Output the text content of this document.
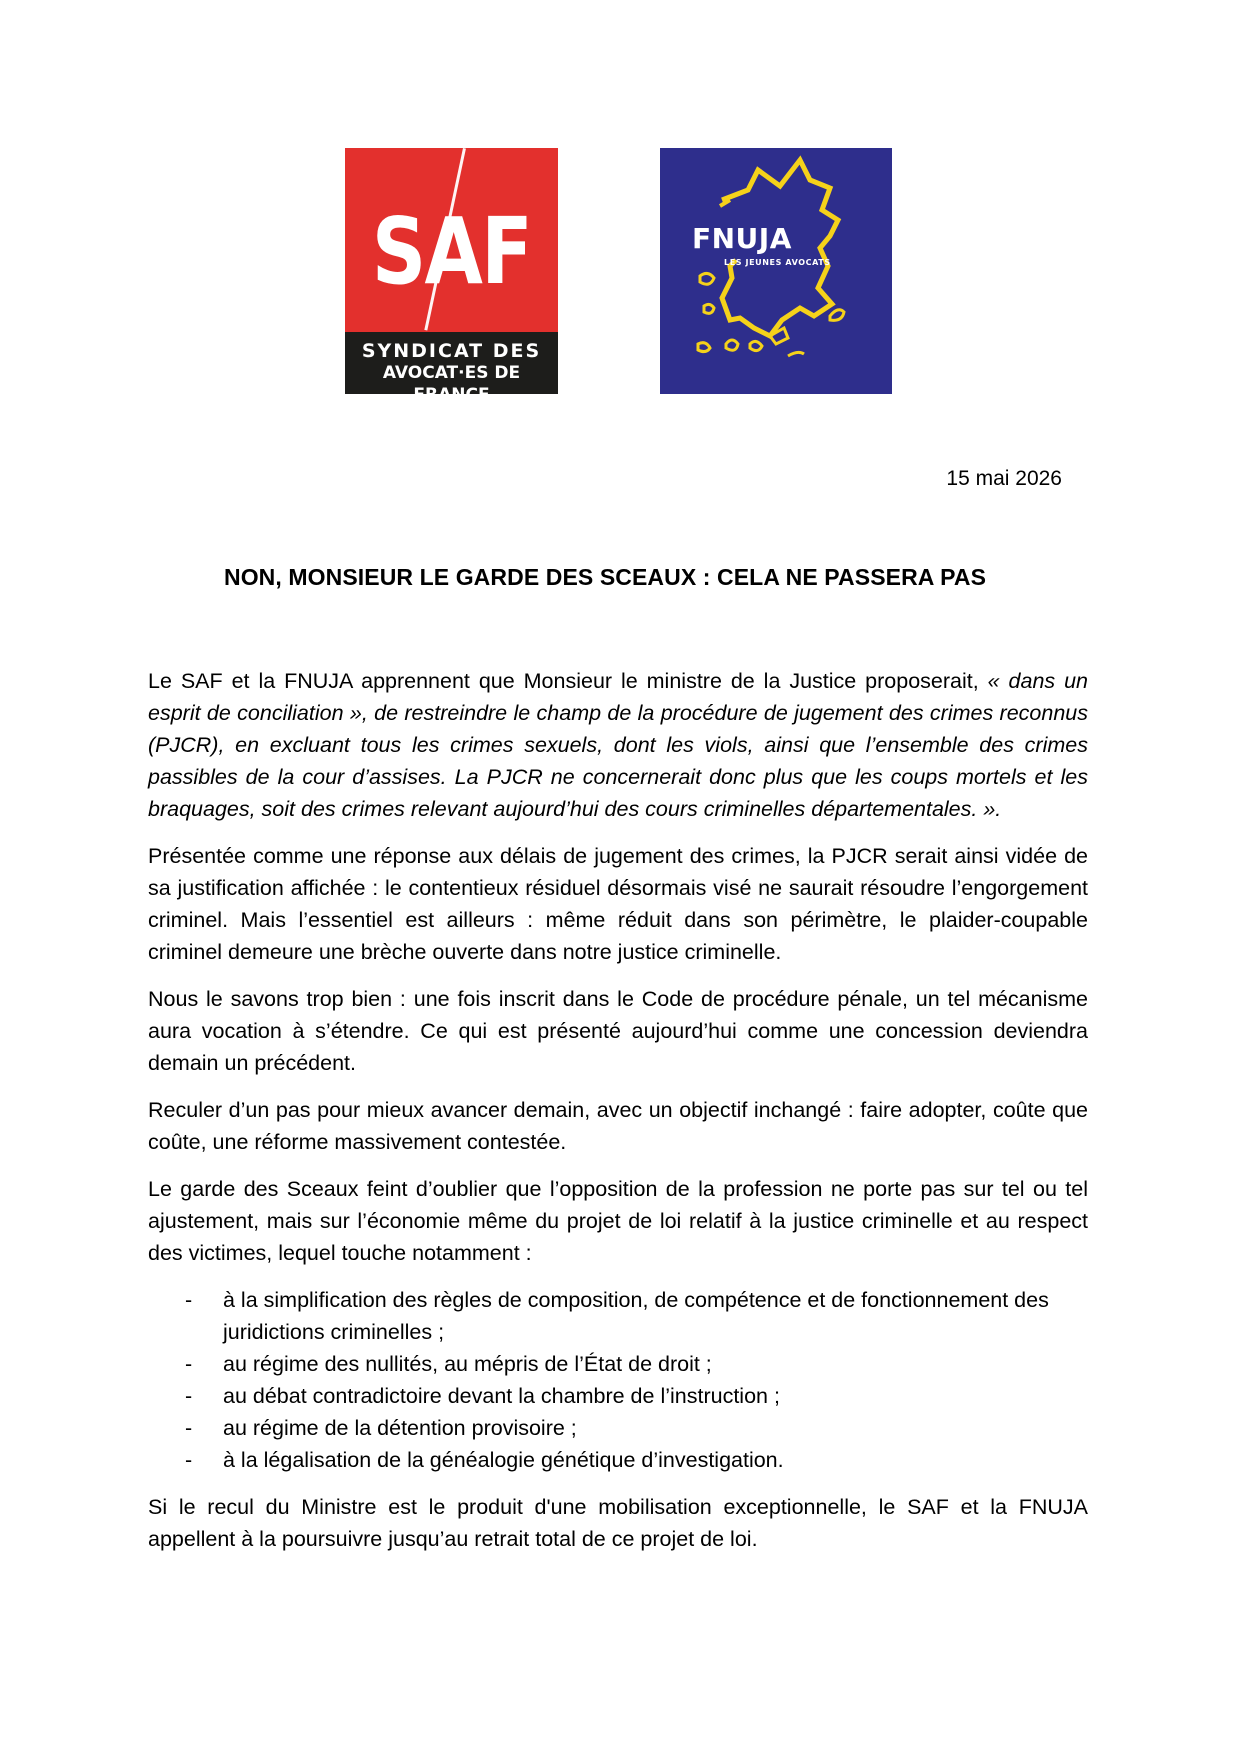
SAF
SYNDICAT DES
AVOCAT·ES DE FRANCE
FNUJA
LES JEUNES AVOCATS
15 mai 2026
NON, MONSIEUR LE GARDE DES SCEAUX : CELA NE PASSERA PAS

Le SAF et la FNUJA apprennent que Monsieur le ministre de la Justice proposerait, « dans un esprit de conciliation », de restreindre le champ de la procédure de jugement des crimes reconnus (PJCR), en excluant tous les crimes sexuels, dont les viols, ainsi que l’ensemble des crimes passibles de la cour d’assises. La PJCR ne concernerait donc plus que les coups mortels et les braquages, soit des crimes relevant aujourd’hui des cours criminelles départementales. ».

Présentée comme une réponse aux délais de jugement des crimes, la PJCR serait ainsi vidée de sa justification affichée : le contentieux résiduel désormais visé ne saurait résoudre l’engorgement criminel. Mais l’essentiel est ailleurs : même réduit dans son périmètre, le plaider-coupable criminel demeure une brèche ouverte dans notre justice criminelle.

Nous le savons trop bien : une fois inscrit dans le Code de procédure pénale, un tel mécanisme aura vocation à s’étendre. Ce qui est présenté aujourd’hui comme une concession deviendra demain un précédent.

Reculer d’un pas pour mieux avancer demain, avec un objectif inchangé : faire adopter, coûte que coûte, une réforme massivement contestée.

Le garde des Sceaux feint d’oublier que l’opposition de la profession ne porte pas sur tel ou tel ajustement, mais sur l’économie même du projet de loi relatif à la justice criminelle et au respect des victimes, lequel touche notamment :

- à la simplification des règles de composition, de compétence et de fonctionnement des juridictions criminelles ;
- au régime des nullités, au mépris de l’État de droit ;
- au débat contradictoire devant la chambre de l’instruction ;
- au régime de la détention provisoire ;
- à la légalisation de la généalogie génétique d’investigation.

Si le recul du Ministre est le produit d'une mobilisation exceptionnelle, le SAF et la FNUJA appellent à la poursuivre jusqu’au retrait total de ce projet de loi.
